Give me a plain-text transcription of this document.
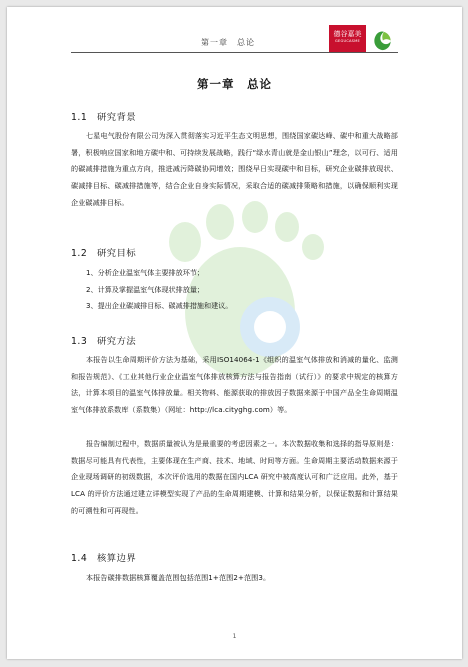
第一章　总论
德谷嘉美
GEGUCASME
第一章　总论
1.1 研究背景
七星电气股份有限公司为深入贯彻落实习近平生态文明思想，围绕国家碳达峰、碳中和重大战略部署，积极响应国家和地方碳中和、可持续发展战略，践行“绿水青山就是金山银山”理念，以可行、适用的碳减排措施为重点方向，推进减污降碳协同增效；围绕早日实现碳中和目标，研究企业碳排放现状、碳减排目标、碳减排措施等，结合企业自身实际情况，采取合适的碳减排策略和措施，以确保顺利实现企业碳减排目标。
1.2 研究目标
1、分析企业温室气体主要排放环节；
2、计算及掌握温室气体现状排放量；
3、提出企业碳减排目标、碳减排措施和建议。
1.3 研究方法
本报告以生命周期评价方法为基础，采用ISO14064-1《组织的温室气体排放和消减的量化、监测和报告规范》、《工业其他行业企业温室气体排放核算方法与报告指南（试行）》的要求中规定的核算方法，计算本项目的温室气体排放量。相关物料、能源获取的排放因子数据来源于中国产品全生命周期温室气体排放系数库（系数集）（网址：http://lca.cityghg.com）等。
报告编制过程中，数据质量被认为是最重要的考虑因素之一。本次数据收集和选择的指导原则是：数据尽可能具有代表性，主要体现在生产商、技术、地域、时间等方面。生命周期主要活动数据来源于企业现场调研的初级数据，本次评价选用的数据在国内LCA 研究中被高度认可和广泛应用。此外，基于LCA 的评价方法通过建立详模型实现了产品的生命周期建模、计算和结果分析，以保证数据和计算结果的可溯性和可再现性。
1.4 核算边界
本报告碳排数据核算覆盖范围包括范围1+范围2+范围3。
1
